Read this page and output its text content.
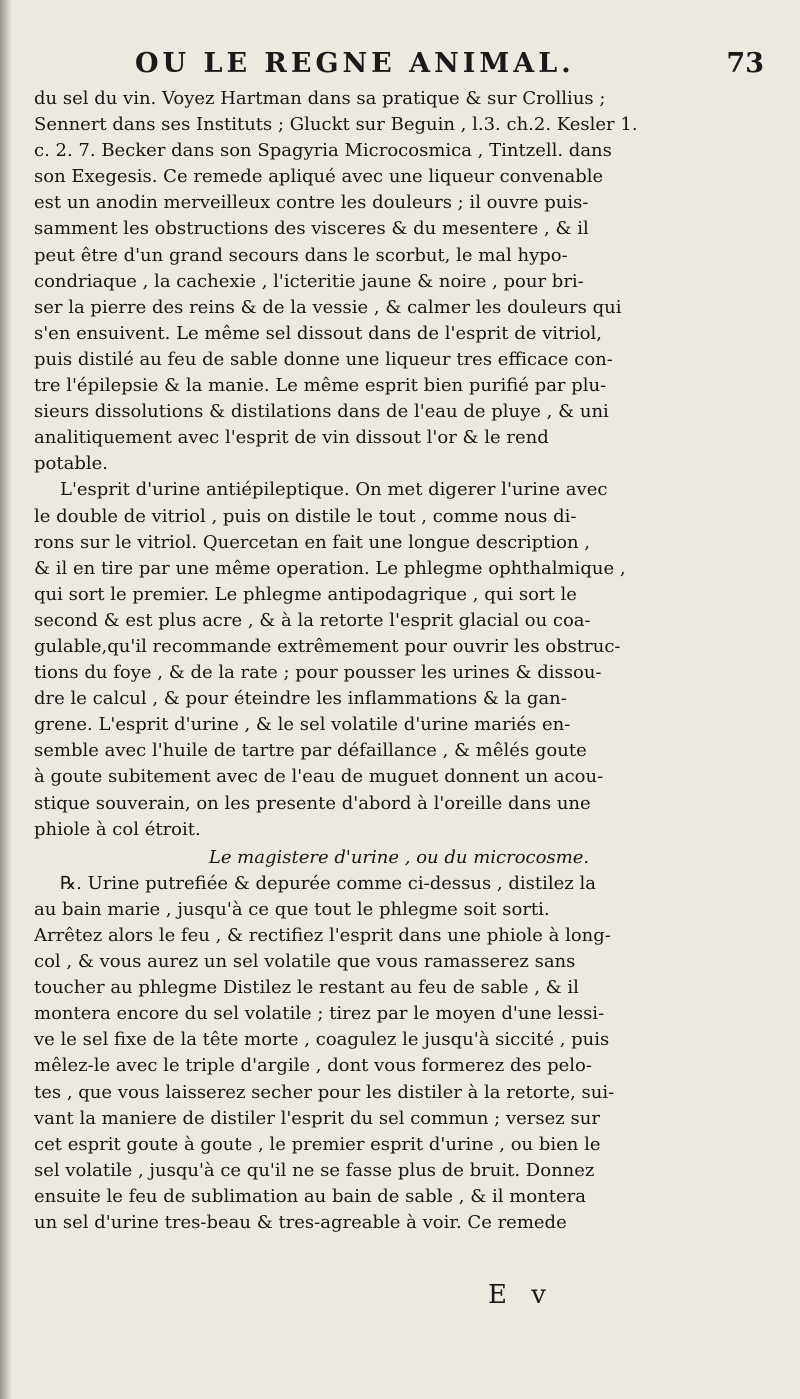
OU LE REGNE ANIMAL.	73
du sel du vin. Voyez Hartman dans sa pratique & sur Crollius ;
Sennert dans ses Instituts ; Gluckt sur Beguin , l.3. ch.2. Kesler 1.
c. 2. 7. Becker dans son Spagyria Microcosmica , Tintzell. dans
son Exegesis. Ce remede apliqué avec une liqueur convenable
est un anodin merveilleux contre les douleurs ; il ouvre puis-
samment les obstructions des visceres & du mesentere , & il
peut être d'un grand secours dans le scorbut, le mal hypo-
condriaque , la cachexie , l'icteritie jaune & noire , pour bri-
ser la pierre des reins & de la vessie , & calmer les douleurs qui
s'en ensuivent. Le même sel dissout dans de l'esprit de vitriol,
puis distilé au feu de sable donne une liqueur tres efficace con-
tre l'épilepsie & la manie. Le même esprit bien purifié par plu-
sieurs dissolutions & distilations dans de l'eau de pluye , & uni
analitiquement avec l'esprit de vin dissout l'or & le rend
potable.
L'esprit d'urine antiépileptique. On met digerer l'urine avec
le double de vitriol , puis on distile le tout , comme nous di-
rons sur le vitriol. Quercetan en fait une longue description ,
& il en tire par une même operation. Le phlegme ophthalmique ,
qui sort le premier. Le phlegme antipodagrique , qui sort le
second & est plus acre , & à la retorte l'esprit glacial ou coa-
gulable,qu'il recommande extrêmement pour ouvrir les obstruc-
tions du foye , & de la rate ; pour pousser les urines & dissou-
dre le calcul , & pour éteindre les inflammations & la gan-
grene. L'esprit d'urine , & le sel volatile d'urine mariés en-
semble avec l'huile de tartre par défaillance , & mêlés goute
à goute subitement avec de l'eau de muguet donnent un acou-
stique souverain, on les presente d'abord à l'oreille dans une
phiole à col étroit.
Le magistere d'urine , ou du microcosme.
℞. Urine putrefiée & depurée comme ci-dessus , distilez la
au bain marie , jusqu'à ce que tout le phlegme soit sorti.
Arrêtez alors le feu , & rectifiez l'esprit dans une phiole à long-
col , & vous aurez un sel volatile que vous ramasserez sans
toucher au phlegme Distilez le restant au feu de sable , & il
montera encore du sel volatile ; tirez par le moyen d'une lessi-
ve le sel fixe de la tête morte , coagulez le jusqu'à siccité , puis
mêlez-le avec le triple d'argile , dont vous formerez des pelo-
tes , que vous laisserez secher pour les distiler à la retorte, sui-
vant la maniere de distiler l'esprit du sel commun ; versez sur
cet esprit goute à goute , le premier esprit d'urine , ou bien le
sel volatile , jusqu'à ce qu'il ne se fasse plus de bruit. Donnez
ensuite le feu de sublimation au bain de sable , & il montera
un sel d'urine tres-beau & tres-agreable à voir. Ce remede
E v
